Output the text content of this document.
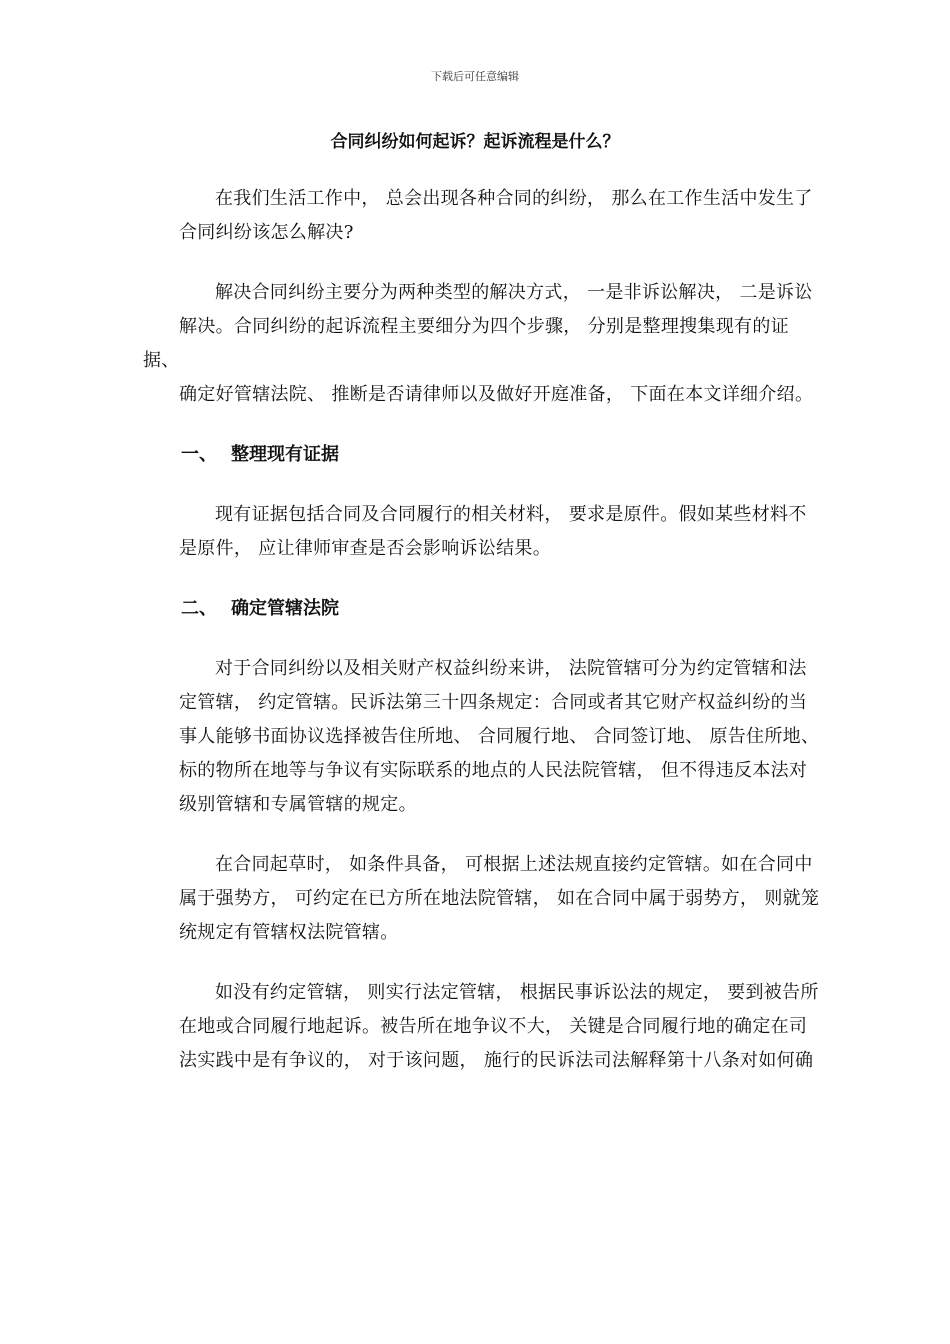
下载后可任意编辑
合同纠纷如何起诉？起诉流程是什么？
在我们生活工作中， 总会出现各种合同的纠纷， 那么在工作生活中发生了
合同纠纷该怎么解决?
解决合同纠纷主要分为两种类型的解决方式， 一是非诉讼解决， 二是诉讼
解决。合同纠纷的起诉流程主要细分为四个步骤， 分别是整理搜集现有的证据、
确定好管辖法院、 推断是否请律师以及做好开庭准备， 下面在本文详细介绍。
一、 整理现有证据
现有证据包括合同及合同履行的相关材料， 要求是原件。假如某些材料不
是原件， 应让律师审查是否会影响诉讼结果。
二、 确定管辖法院
对于合同纠纷以及相关财产权益纠纷来讲， 法院管辖可分为约定管辖和法
定管辖， 约定管辖。民诉法第三十四条规定：合同或者其它财产权益纠纷的当
事人能够书面协议选择被告住所地、 合同履行地、 合同签订地、 原告住所地、
标的物所在地等与争议有实际联系的地点的人民法院管辖， 但不得违反本法对
级别管辖和专属管辖的规定。
在合同起草时， 如条件具备， 可根据上述法规直接约定管辖。如在合同中
属于强势方， 可约定在已方所在地法院管辖， 如在合同中属于弱势方， 则就笼
统规定有管辖权法院管辖。
如没有约定管辖， 则实行法定管辖， 根据民事诉讼法的规定， 要到被告所
在地或合同履行地起诉。被告所在地争议不大， 关键是合同履行地的确定在司
法实践中是有争议的， 对于该问题， 施行的民诉法司法解释第十八条对如何确
